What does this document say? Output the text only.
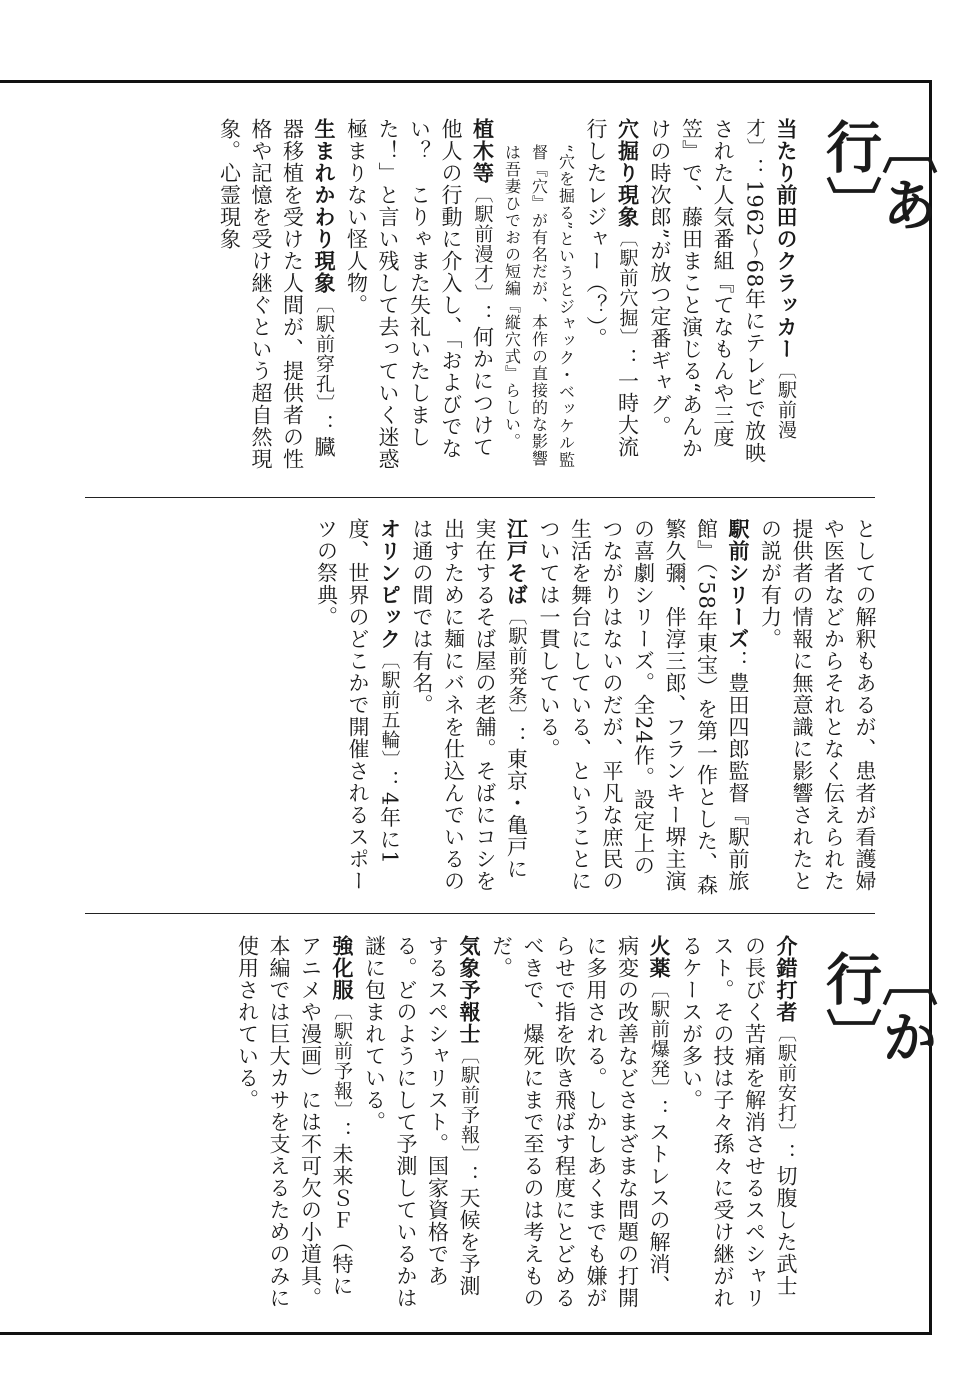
〔あ行〕
当たり前田のクラッカー〔駅前漫才〕：1962〜68年にテレビで放映された人気番組『てなもんや三度笠』で、藤田まこと演じる“あんかけの時次郎”が放つ定番ギャグ。
穴掘り現象〔駅前穴掘〕：一時大流行したレジャー（？）。
“穴を掘る”というとジャック・ベッケル監督『穴』が有名だが、本作の直接的な影響は吾妻ひでおの短編『縦穴式』らしい。
植木等〔駅前漫才〕：何かにつけて他人の行動に介入し、「およびでない？　こりゃまた失礼いたしました！」と言い残して去っていく迷惑極まりない怪人物。
生まれかわり現象〔駅前穿孔〕：臓器移植を受けた人間が、提供者の性格や記憶を受け継ぐという超自然現象。心霊現象
としての解釈もあるが、患者が看護婦や医者などからそれとなく伝えられた提供者の情報に無意識に影響されたとの説が有力。
駅前シリーズ：豊田四郎監督『駅前旅館』（’58年東宝）を第一作とした、森繁久彌、伴淳三郎、フランキー堺主演の喜劇シリーズ。全24作。設定上のつながりはないのだが、平凡な庶民の生活を舞台にしている、ということについては一貫している。
江戸そば〔駅前発条〕：東京・亀戸に実在するそば屋の老舗。そばにコシを出すために麺にバネを仕込んでいるのは通の間では有名。
オリンピック〔駅前五輪〕：4年に1度、世界のどこかで開催されるスポーツの祭典。
〔か行〕
介錯打者〔駅前安打〕：切腹した武士の長びく苦痛を解消させるスペシャリスト。その技は子々孫々に受け継がれるケースが多い。
火薬〔駅前爆発〕：ストレスの解消、病変の改善などさまざまな問題の打開に多用される。しかしあくまでも嫌がらせで指を吹き飛ばす程度にとどめるべきで、爆死にまで至るのは考えものだ。
気象予報士〔駅前予報〕：天候を予測するスペシャリスト。国家資格である。どのようにして予測しているかは謎に包まれている。
強化服〔駅前予報〕：未来ＳＦ（特にアニメや漫画）には不可欠の小道具。本編では巨大カサを支えるためのみに使用されている。
